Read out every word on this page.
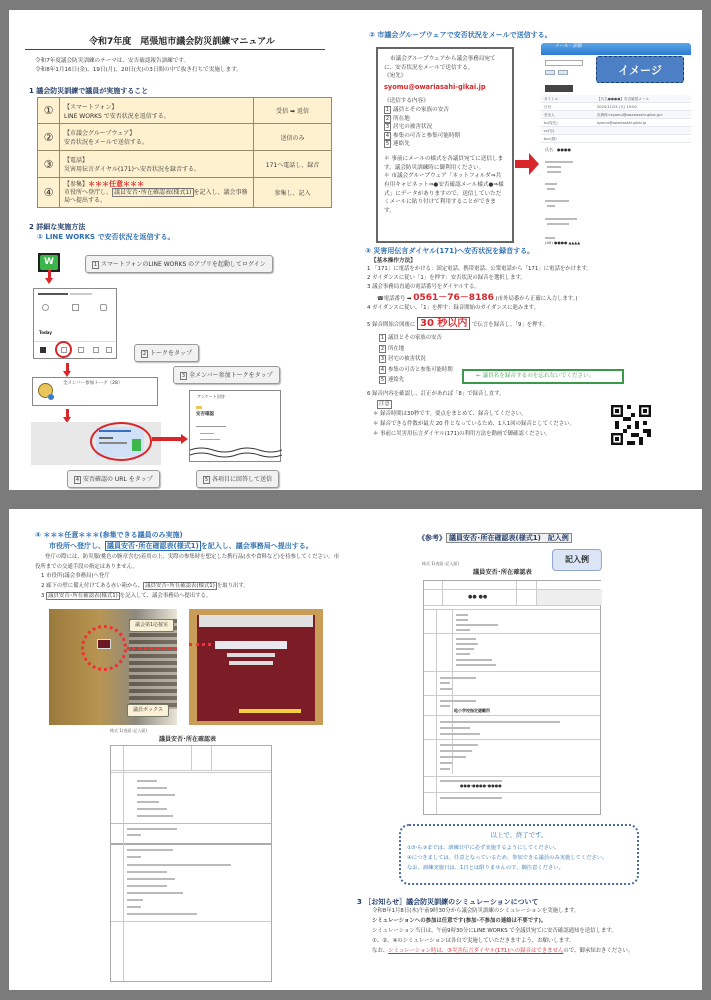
令和7年度　尾張旭市議会防災訓練マニュアル
令和7年度議会防災訓練のテーマは、安否確認報告訓練です。
令和8年1月16日(金)、19日(月)、20日(火)の3日間の中で抜き打ちで実施します。
1 議会防災訓練で議員が実施すること
①	【スマートフォン】
LINE WORKS で安否状況を返信する。	受信 ➡ 返信
②	【市議会グループウェア】
安否状況をメールで送信する。	送信のみ
③	【電話】
災害用伝言ダイヤル(171)へ安否状況を録音する。	171へ電話し、録音
④	【参集】＊＊＊任意＊＊＊
市役所へ登庁し、 議員安否･所在確認表(様式1) を記入し、議会事務局へ提出する。	参集し、記入
2 詳細な実施方法
① LINE WORKS で安否状況を返信する。
W	1 スマートフォンのLINE WORKS のアプリを起動してログイン
Today
2 トークをタップ
全メンバー参加トーク（28）
3 全メンバー参加トークをタップ
アンケート回答
安否確認
4 安否確認の URL をタップ	5 各項目に回答して送信
② 市議会グループウェアで安否状況をメールで送信する。
市議会グループウェアから議会事務局宛てに、安否状況をメールで送信する。
《宛先》
syomu@owariasahi-gikai.jp
《送信する内容》
1 議員とその家族の安否
2 所在地
3 居宅の被害状況
4 参集の可否と参集可能時期
5 連絡先
＊ 事前にメールの様式を各議員宛てに送信します。議会防災訓練時に御利用ください。
＊ 市議会グループウェア「ネットフォルダ⇒共有用キャビネット⇒●安否確認メール様式●⇒様式」にデータがありますので、送信していただくメールに貼り付けて利用することができます。
メール - 詳細
イメージ
タイトル	【氏名●●●●】安否確認メール
日付	2025/11/25 (火) 15:00
差出人	庶務係<syomu@owariasahi-gikai.jp>
to(宛先)	syomu@owariasahi-gikai.jp
cc(写)
bcc(隠)
氏名：●●●●
(00) ●●●● ▲▲▲▲
③ 災害用伝言ダイヤル(171)へ安否状況を録音する。
【基本操作方法】
1 「171」に電話をかける：固定電話、携帯電話、公衆電話から「171」に電話をかけます。
2 ガイダンスに従い「1」を押す：安否状況の録音を選択します。
3 議会事務局直通の電話番号をダイヤルする。
☎電話番号 ➡ 0561－76－8186 (市外局番から正確に入力します。)
4 ガイダンスに従い、「1」を押す：録音開始のガイダンスに進みます。
5 録音開始合図後に 30 秒以内 で伝言を録音し、「9」を押す。
1 議員とその家族の安否
2 所在地
3 居宅の被害状況
4 参集の可否と参集可能時期
5 連絡先
← 議員名を録音するのを忘れないでください。
6 録音内容を確認し、訂正があれば「8」で録音し直す。
注意
＊ 録音時間は30秒です。要点をまとめて、録音してください。
＊ 録音できる件数が最大 20 件となっているため、1人1回の録音としてください。
＊ 事前に災害用伝言ダイヤル(171)の利用方法を動画で御確認ください。
④ ＊＊＊任意＊＊＊(参集できる議員のみ実施)
市役所へ登庁し、 議員安否･所在確認表(様式1) を記入し、議会事務局へ提出する。
登庁の際には、防災服(桃色の腕章含む)着用の上、実際の参集時を想定した携行品(水や食料など)を持参してください。市役所までの交通手段の指定はありません。
1 市役所(議会事務局)へ登庁
2 廊下の壁に備え付けてある赤い箱から、 議員安否･所在確認表(様式1) を取り出す。
3 議員安否･所在確認表(様式1) を記入して、議会事務局へ提出する。
議会第1応接室
議員ボックス
様式 1(表面･記入面)
議員安否･所在確認表
《参考》 議員安否･所在確認表(様式1)　記入例
記入例
様式 1(表面･記入面)
議員安否･所在確認表
●● ●●
地小学校指定避難所
●●●-●●●●-●●●●
以上で、終了です。
①から③までは、訓練日中に必ず実施するようにしてください。
④につきましては、任意となっているため、参加できる議員のみ実施してください。
なお、訓練実施日は、1日とは限りませんので、御注意ください。
3 ［お知らせ］議会防災訓練のシミュレーションについて
令和8年1月8日(木)午前9時30分から議会防災訓練のシミュレーションを実施します。
シミュレーションへの参加は任意です(参加･不参加の連絡は不要です)。
シミュレーション当日は、午前9時30分にLINE WORKS で全議員宛てに安否確認通知を送信します。
①、②、④のシミュレーションは各自で実施していただきますよう、お願いします。
なお、シミュレーション時は、③災害伝言ダイヤル(171)への録音はできませんので、御承知おきください。
